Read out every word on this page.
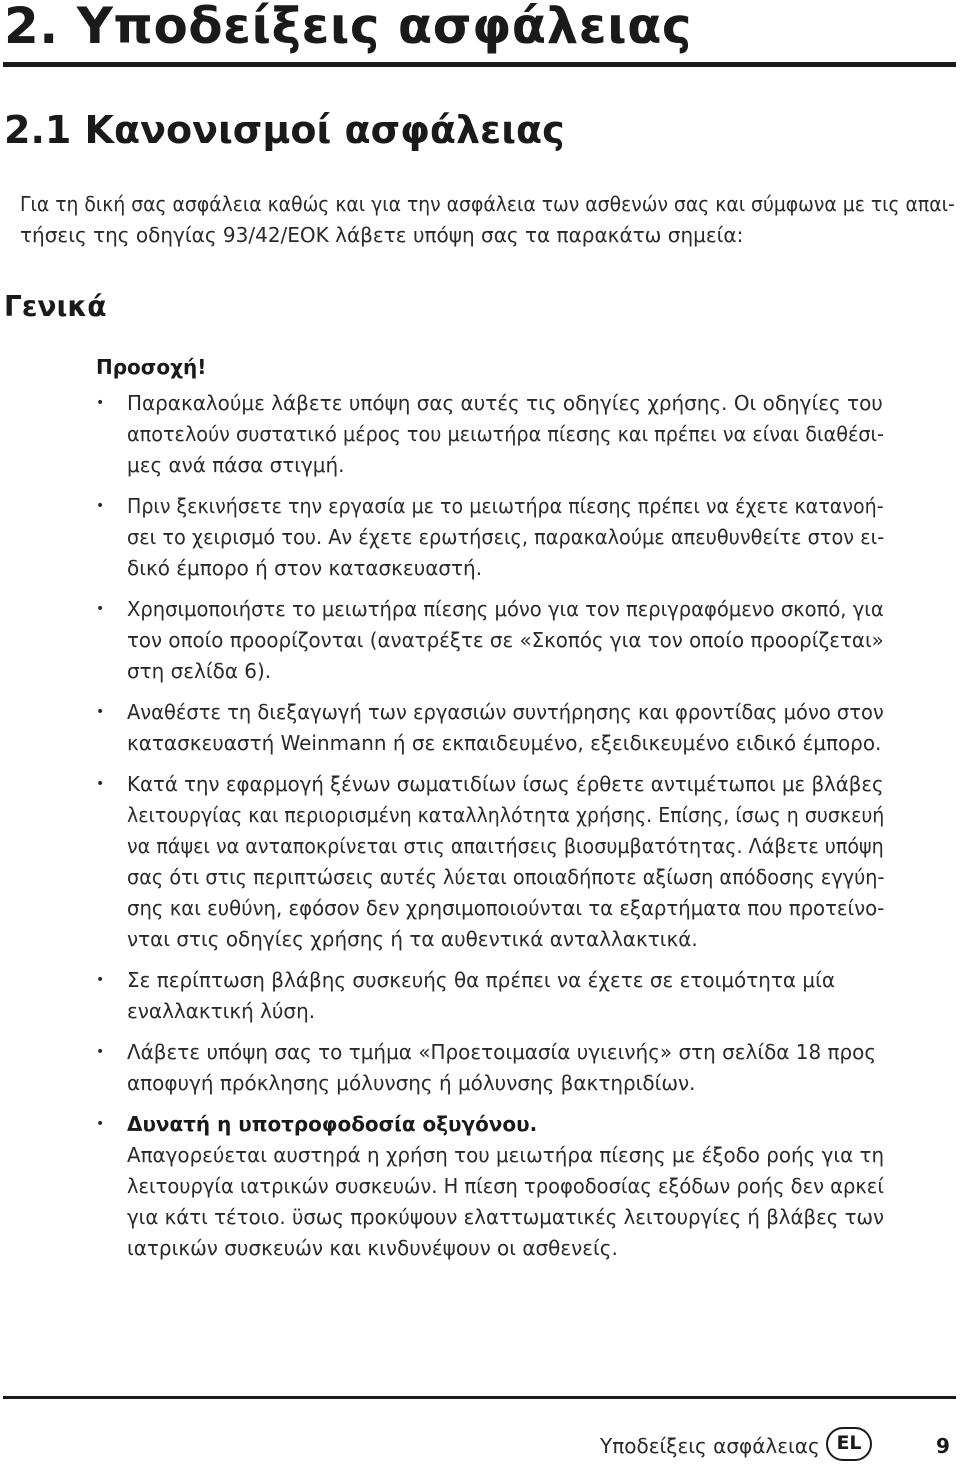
2. Υποδείξεις ασφάλειας
2.1 Κανονισμοί ασφάλειας

Για τη δική σας ασφάλεια καθώς και για την ασφάλεια των ασθενών σας και σύμφωνα με τις απαι-
τήσεις της οδηγίας 93/42/ΕΟΚ λάβετε υπόψη σας τα παρακάτω σημεία:

Γενικά

Προσοχή!

• Παρακαλούμε λάβετε υπόψη σας αυτές τις οδηγίες χρήσης. Οι οδηγίες του
αποτελούν συστατικό μέρος του μειωτήρα πίεσης και πρέπει να είναι διαθέσι-
μες ανά πάσα στιγμή.
• Πριν ξεκινήσετε την εργασία με το μειωτήρα πίεσης πρέπει να έχετε κατανοή-
σει το χειρισμό του. Αν έχετε ερωτήσεις, παρακαλούμε απευθυνθείτε στον ει-
δικό έμπορο ή στον κατασκευαστή.
• Χρησιμοποιήστε το μειωτήρα πίεσης μόνο για τον περιγραφόμενο σκοπό, για
τον οποίο προορίζονται (ανατρέξτε σε «Σκοπός για τον οποίο προορίζεται»
στη σελίδα 6).
• Αναθέστε τη διεξαγωγή των εργασιών συντήρησης και φροντίδας μόνο στον
κατασκευαστή Weinmann ή σε εκπαιδευμένο, εξειδικευμένο ειδικό έμπορο.
• Κατά την εφαρμογή ξένων σωματιδίων ίσως έρθετε αντιμέτωποι με βλάβες
λειτουργίας και περιορισμένη καταλληλότητα χρήσης. Επίσης, ίσως η συσκευή
να πάψει να ανταποκρίνεται στις απαιτήσεις βιοσυμβατότητας. Λάβετε υπόψη
σας ότι στις περιπτώσεις αυτές λύεται οποιαδήποτε αξίωση απόδοσης εγγύη-
σης και ευθύνη, εφόσον δεν χρησιμοποιούνται τα εξαρτήματα που προτείνο-
νται στις οδηγίες χρήσης ή τα αυθεντικά ανταλλακτικά.
• Σε περίπτωση βλάβης συσκευής θα πρέπει να έχετε σε ετοιμότητα μία
εναλλακτική λύση.
• Λάβετε υπόψη σας το τμήμα «Προετοιμασία υγιεινής» στη σελίδα 18 προς
αποφυγή πρόκλησης μόλυνσης ή μόλυνσης βακτηριδίων.
• Δυνατή η υποτροφοδοσία οξυγόνου.
Απαγορεύεται αυστηρά η χρήση του μειωτήρα πίεσης με έξοδο ροής για τη
λειτουργία ιατρικών συσκευών. Η πίεση τροφοδοσίας εξόδων ροής δεν αρκεί
για κάτι τέτοιο. ϋσως προκύψουν ελαττωματικές λειτουργίες ή βλάβες των
ιατρικών συσκευών και κινδυνέψουν οι ασθενείς.
Υποδείξεις ασφάλειας EL	9
